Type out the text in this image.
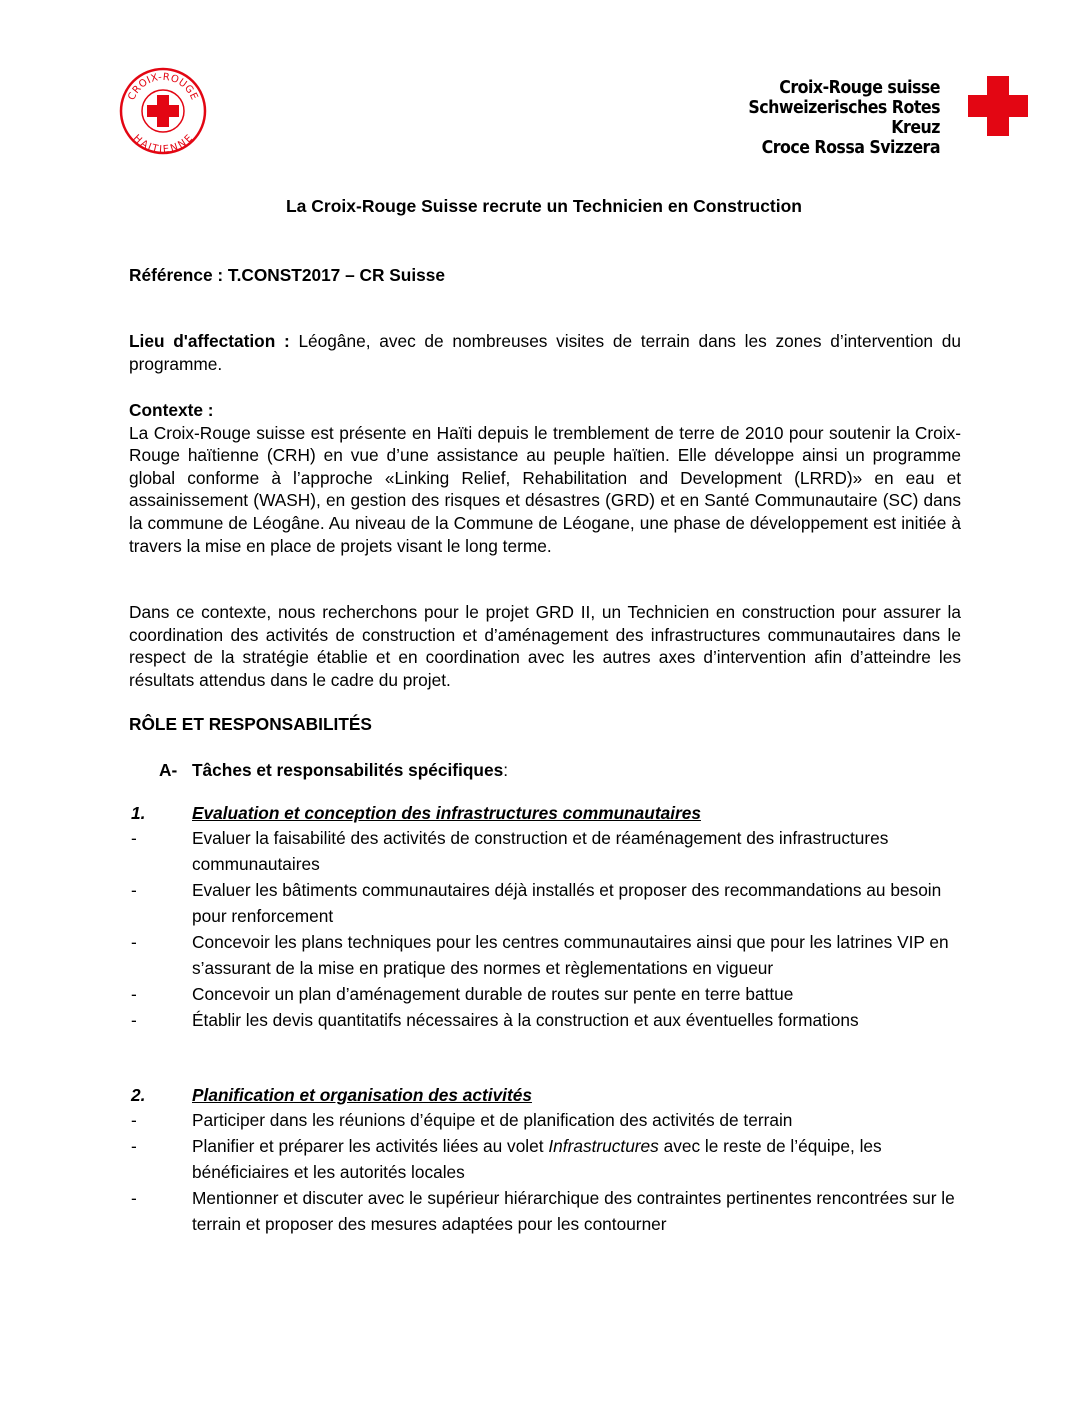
CROIX-ROUGE
HAITIENNE
Croix-Rouge suisse
Schweizerisches Rotes Kreuz
Croce Rossa Svizzera
La Croix-Rouge Suisse recrute un Technicien en Construction
Référence : T.CONST2017 – CR Suisse
Lieu d'affectation : Léogâne, avec de nombreuses visites de terrain dans les zones d’intervention du programme.
Contexte :

La Croix-Rouge suisse est présente en Haïti depuis le tremblement de terre de 2010 pour soutenir la Croix-Rouge haïtienne (CRH) en vue d’une assistance au peuple haïtien. Elle développe ainsi un programme global conforme à l’approche «Linking Relief, Rehabilitation and Development (LRRD)» en eau et assainissement (WASH), en gestion des risques et désastres (GRD) et en Santé Communautaire (SC) dans la commune de Léogâne. Au niveau de la Commune de Léogane, une phase de développement est initiée à travers la mise en place de projets visant le long terme.

Dans ce contexte, nous recherchons pour le projet GRD II, un Technicien en construction pour assurer la coordination des activités de construction et d’aménagement des infrastructures communautaires dans le respect de la stratégie établie et en coordination avec les autres axes d’intervention afin d’atteindre les résultats attendus dans le cadre du projet.
RÔLE ET RESPONSABILITÉS
A- Tâches et responsabilités spécifiques:
1.	Evaluation et conception des infrastructures communautaires
-	Evaluer la faisabilité des activités de construction et de réaménagement des infrastructures communautaires
-	Evaluer les bâtiments communautaires déjà installés et proposer des recommandations au besoin pour renforcement
-	Concevoir les plans techniques pour les centres communautaires ainsi que pour les latrines VIP en s’assurant de la mise en pratique des normes et règlementations en vigueur
-	Concevoir un plan d’aménagement durable de routes sur pente en terre battue
-	Établir les devis quantitatifs nécessaires à la construction et aux éventuelles formations
2.	Planification et organisation des activités
-	Participer dans les réunions d’équipe et de planification des activités de terrain
-	Planifier et préparer les activités liées au volet Infrastructures avec le reste de l’équipe, les bénéficiaires et les autorités locales
-	Mentionner et discuter avec le supérieur hiérarchique des contraintes pertinentes rencontrées sur le terrain et proposer des mesures adaptées pour les contourner
